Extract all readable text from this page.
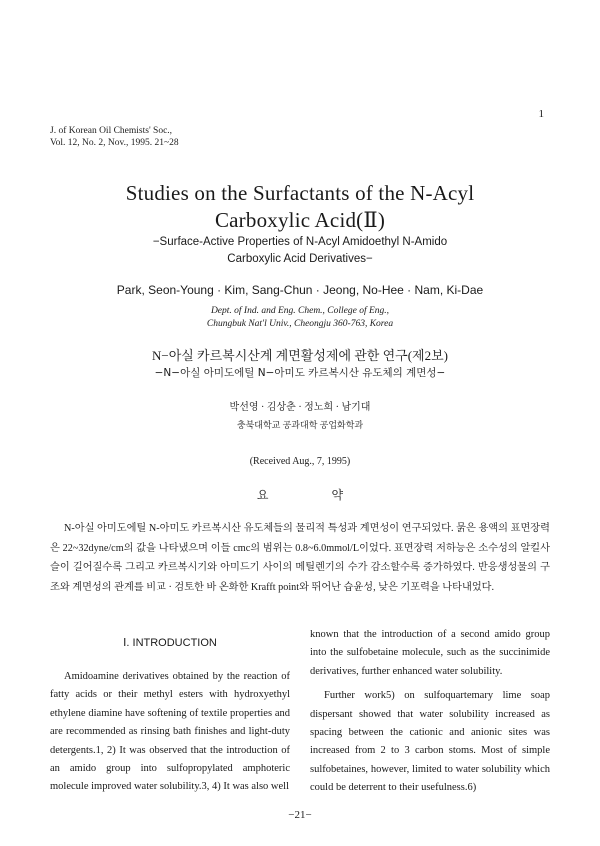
1
J. of Korean Oil Chemists' Soc.,
Vol. 12, No. 2, Nov., 1995. 21~28
Studies on the Surfactants of the N-Acyl
Carboxylic Acid(Ⅱ)
−Surface-Active Properties of N-Acyl Amidoethyl N-Amido
Carboxylic Acid Derivatives−
Park, Seon-Young · Kim, Sang-Chun · Jeong, No-Hee · Nam, Ki-Dae
Dept. of Ind. and Eng. Chem., College of Eng.,
Chungbuk Nat'l Univ., Cheongju 360-763, Korea
N−아실 카르복시산계 계면활성제에 관한 연구(제2보)
−N−아실 아미도에틸 N−아미도 카르복시산 유도체의 계면성−
박선영 · 김상춘 · 정노희 · 남기대
충북대학교 공과대학 공업화학과
(Received Aug., 7, 1995)
요 약
N-아실 아미도에틸 N-아미도 카르복시산 유도체들의 물리적 특성과 계면성이 연구되었다. 묽은 용액의 표면장력은 22~32dyne/cm의 값을 나타냈으며 이들 cmc의 범위는 0.8~6.0mmol/L이었다. 표면장력 저하능은 소수성의 알킬사슬이 길어질수록 그리고 카르복시기와 아미드기 사이의 메틸렌기의 수가 감소할수록 증가하였다. 반응생성물의 구조와 계면성의 관계를 비교 · 검토한 바 온화한 Krafft point와 뛰어난 습윤성, 낮은 기포력을 나타내었다.
Ⅰ. INTRODUCTION
Amidoamine derivatives obtained by the reaction of fatty acids or their methyl esters with hydroxyethyl ethylene diamine have softening of textile properties and are recommended as rinsing bath finishes and light-duty detergents.1, 2) It was observed that the introduction of an amido group into sulfopropylated amphoteric molecule improved water solubility.3, 4) It was also well

known that the introduction of a second amido group into the sulfobetaine molecule, such as the succinimide derivatives, further enhanced water solubility.

Further work5) on sulfoquartemary lime soap dispersant showed that water solubility increased as spacing between the cationic and anionic sites was increased from 2 to 3 carbon stoms. Most of simple sulfobetaines, however, limited to water solubility which could be deterrent to their usefulness.6)

−21−
